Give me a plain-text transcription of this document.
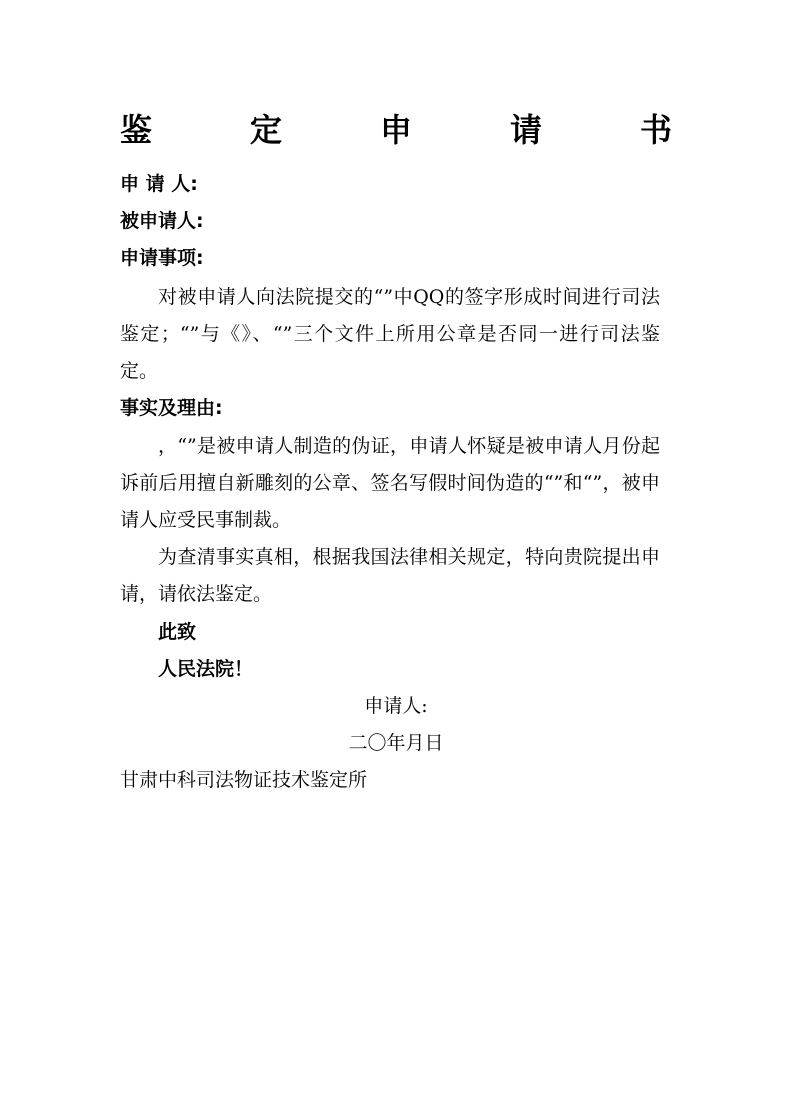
鉴	定	申	请	书
申 请 人:
被申请人:
申请事项:
对被申请人向法院提交的“”中QQ的签字形成时间进行司法鉴定；“”与《》、“”三个文件上所用公章是否同一进行司法鉴定。
事实及理由:
，“”是被申请人制造的伪证，申请人怀疑是被申请人月份起诉前后用擅自新雕刻的公章、签名写假时间伪造的“”和“”，被申请人应受民事制裁。
为查清事实真相，根据我国法律相关规定，特向贵院提出申请，请依法鉴定。
此致
人民法院！
申请人:
二〇年月日
甘肃中科司法物证技术鉴定所
